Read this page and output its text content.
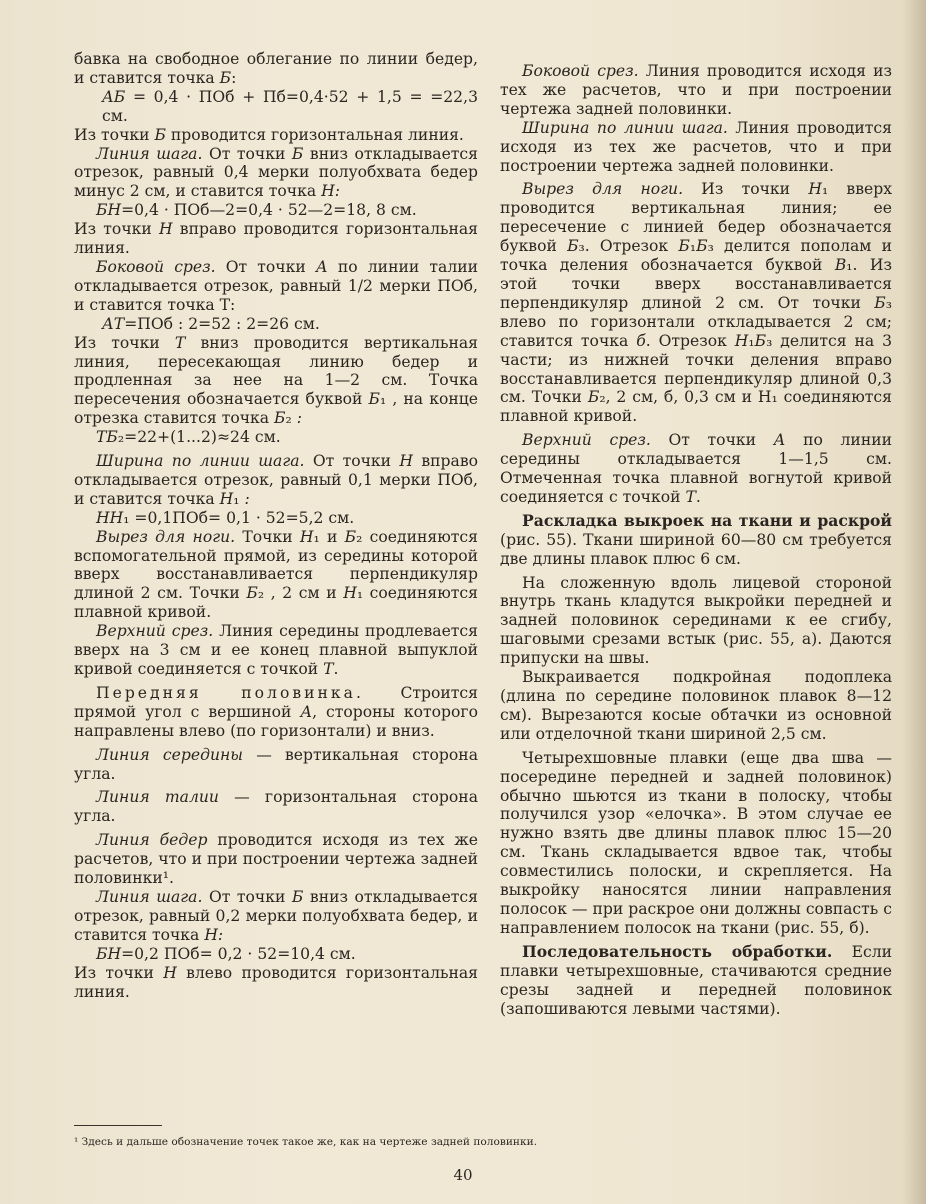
бавка на свободное облегание по линии бедер, и ставится точка Б:

АБ = 0,4 · ПОб + Пб=0,4·52 + 1,5 = =22,3 см.

Из точки Б проводится горизонтальная линия.

Линия шага. От точки Б вниз откладывается отрезок, равный 0,4 мерки полуобхвата бедер минус 2 см, и ставится точка Н:

БН=0,4 · ПОб—2=0,4 · 52—2=18, 8 см.

Из точки Н вправо проводится горизонтальная линия.

Боковой срез. От точки А по линии талии откладывается отрезок, равный 1/2 мерки ПОб, и ставится точка Т:

АТ=ПОб : 2=52 : 2=26 см.

Из точки Т вниз проводится вертикальная линия, пересекающая линию бедер и продленная за нее на 1—2 см. Точка пересечения обозначается буквой Б₁ , на конце отрезка ставится точка Б₂ :

ТБ₂=22+(1...2)≈24 см.

Ширина по линии шага. От точки Н вправо откладывается отрезок, равный 0,1 мерки ПОб, и ставится точка Н₁ :

НН₁ =0,1ПОб= 0,1 · 52=5,2 см.

Вырез для ноги. Точки Н₁ и Б₂ соединяются вспомогательной прямой, из середины которой вверх восстанавливается перпендикуляр длиной 2 см. Точки Б₂ , 2 см и Н₁ соединяются плавной кривой.

Верхний срез. Линия середины продлевается вверх на 3 см и ее конец плавной выпуклой кривой соединяется с точкой Т.

Передняя половинка. Строится прямой угол с вершиной А, стороны которого направлены влево (по горизонтали) и вниз.

Линия середины — вертикальная сторона угла.

Линия талии — горизонтальная сторона угла.

Линия бедер проводится исходя из тех же расчетов, что и при построении чертежа задней половинки¹.

Линия шага. От точки Б вниз откладывается отрезок, равный 0,2 мерки полуобхвата бедер, и ставится точка Н:

БН=0,2 ПОб= 0,2 · 52=10,4 см.

Из точки Н влево проводится горизонтальная линия.

Боковой срез. Линия проводится исходя из тех же расчетов, что и при построении чертежа задней половинки.

Ширина по линии шага. Линия проводится исходя из тех же расчетов, что и при построении чертежа задней половинки.

Вырез для ноги. Из точки Н₁ вверх проводится вертикальная линия; ее пересечение с линией бедер обозначается буквой Б₃. Отрезок Б₁Б₃ делится пополам и точка деления обозначается буквой В₁. Из этой точки вверх восстанавливается перпендикуляр длиной 2 см. От точки Б₃ влево по горизонтали откладывается 2 см; ставится точка б. Отрезок Н₁Б₃ делится на 3 части; из нижней точки деления вправо восстанавливается перпендикуляр длиной 0,3 см. Точки Б₂, 2 см, б, 0,3 см и Н₁ соединяются плавной кривой.

Верхний срез. От точки А по линии середины откладывается 1—1,5 см. Отмеченная точка плавной вогнутой кривой соединяется с точкой Т.

Раскладка выкроек на ткани и раскрой (рис. 55). Ткани шириной 60—80 см требуется две длины плавок плюс 6 см.

На сложенную вдоль лицевой стороной внутрь ткань кладутся выкройки передней и задней половинок серединами к ее сгибу, шаговыми срезами встык (рис. 55, а). Даются припуски на швы.

Выкраивается подкройная подоплека (длина по середине половинок плавок 8—12 см). Вырезаются косые обтачки из основной или отделочной ткани шириной 2,5 см.

Четырехшовные плавки (еще два шва — посередине передней и задней половинок) обычно шьются из ткани в полоску, чтобы получился узор «елочка». В этом случае ее нужно взять две длины плавок плюс 15—20 см. Ткань складывается вдвое так, чтобы совместились полоски, и скрепляется. На выкройку наносятся линии направления полосок — при раскрое они должны совпасть с направлением полосок на ткани (рис. 55, б).

Последовательность обработки. Если плавки четырехшовные, стачиваются средние срезы задней и передней половинок (запошиваются левыми частями).

¹ Здесь и дальше обозначение точек такое же, как на чертеже задней половинки.
40
